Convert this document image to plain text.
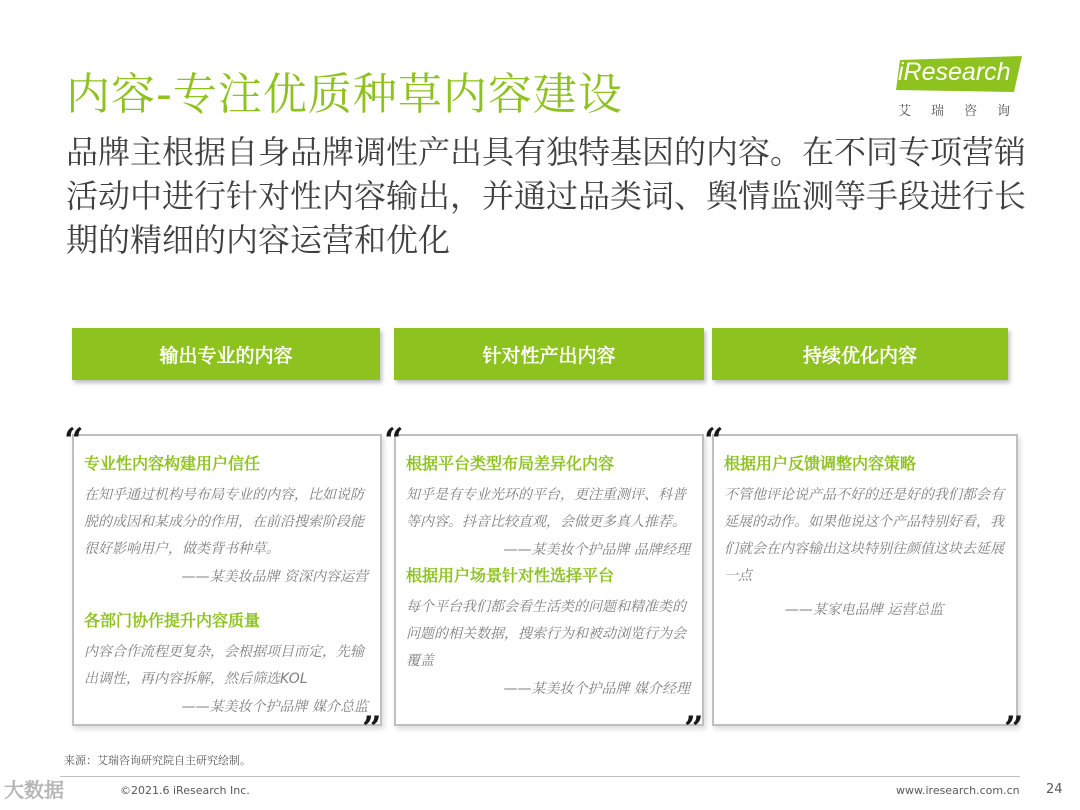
内容-专注优质种草内容建设	iResearch
艾瑞咨询
品牌主根据自身品牌调性产出具有独特基因的内容。在不同专项营销活动中进行针对性内容输出，并通过品类词、舆情监测等手段进行长期的精细的内容运营和优化
输出专业的内容	针对性产出内容	持续优化内容
专业性内容构建用户信任
在知乎通过机构号布局专业的内容，比如说防脱的成因和某成分的作用，在前沿搜索阶段能很好影响用户，做类背书种草。
——某美妆品牌 资深内容运营
各部门协作提升内容质量
内容合作流程更复杂，会根据项目而定，先输出调性，再内容拆解，然后筛选KOL
——某美妆个护品牌 媒介总监
“
”
根据平台类型布局差异化内容
知乎是有专业光环的平台，更注重测评、科普等内容。抖音比较直观，会做更多真人推荐。
——某美妆个护品牌 品牌经理
根据用户场景针对性选择平台
每个平台我们都会看生活类的问题和精准类的问题的相关数据，搜索行为和被动浏览行为会覆盖
——某美妆个护品牌 媒介经理
“
”
根据用户反馈调整内容策略
不管他评论说产品不好的还是好的我们都会有延展的动作。如果他说这个产品特别好看，我们就会在内容输出这块特别往颜值这块去延展一点
——某家电品牌 运营总监
“
”
来源：艾瑞咨询研究院自主研究绘制。
大数据	©2021.6 iResearch Inc.	www.iresearch.com.cn 24
